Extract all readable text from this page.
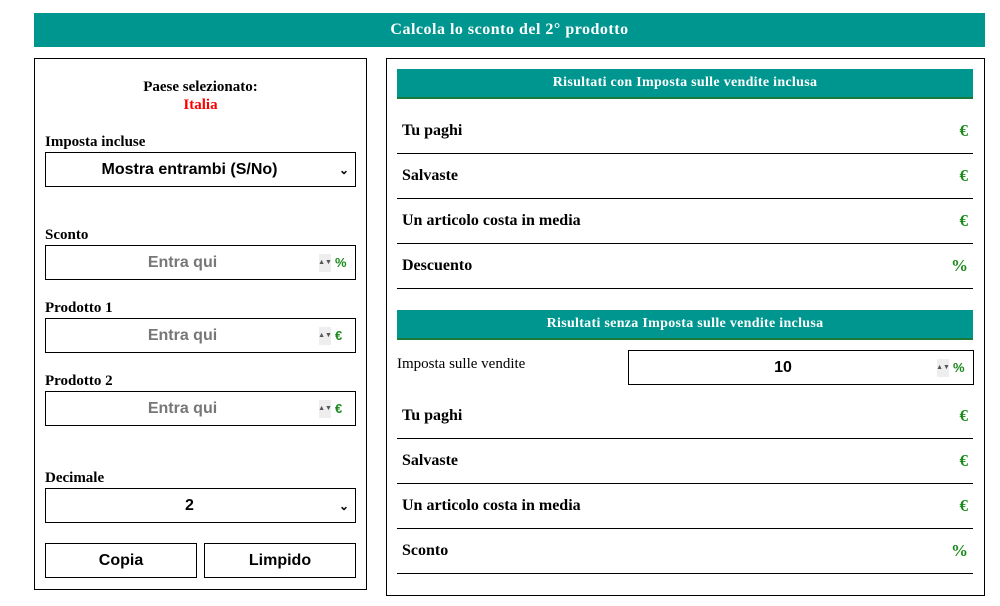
Calcola lo sconto del 2° prodotto
Paese selezionato:
Italia
Imposta incluse
Mostra entrambi (S/No)	⌄
Sconto
Entra qui	▲▼ %
Prodotto 1
Entra qui	▲▼ €
Prodotto 2
Entra qui	▲▼ €
Decimale
2	⌄
Copia	Limpido
Risultati con Imposta sulle vendite inclusa
Tu paghi	€
Salvaste	€
Un articolo costa in media	€
Descuento	%
Risultati senza Imposta sulle vendite inclusa
Imposta sulle vendite	10	▲▼ %
Tu paghi	€
Salvaste	€
Un articolo costa in media	€
Sconto	%
